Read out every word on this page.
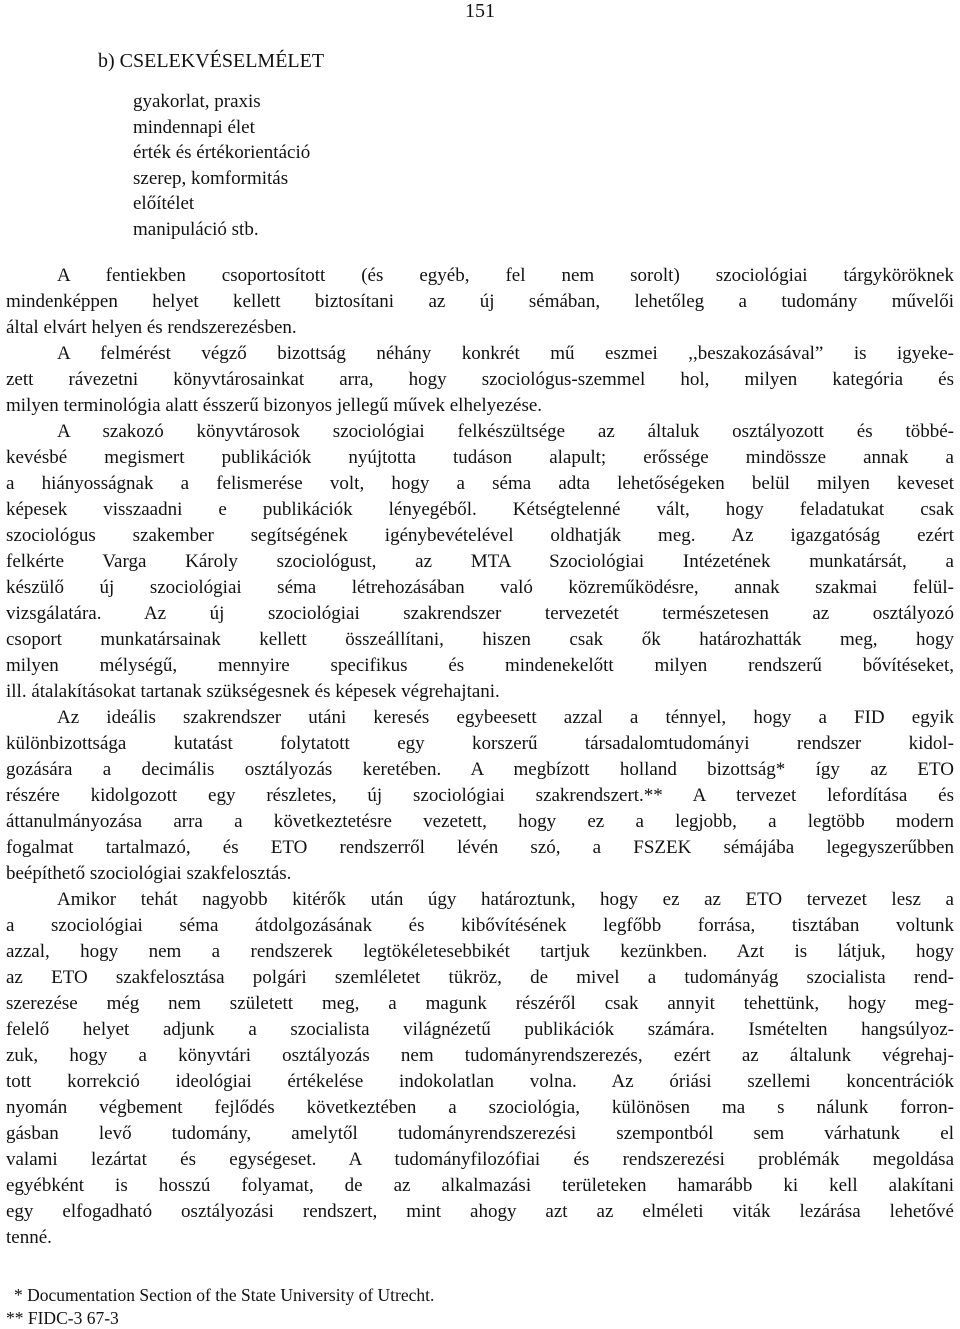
151
b) CSELEKVÉSELMÉLET
gyakorlat, praxis
mindennapi élet
érték és értékorientáció
szerep, komformitás
előítélet
manipuláció stb.
A fentiekben csoportosított (és egyéb, fel nem sorolt) szociológiai tárgyköröknek
mindenképpen helyet kellett biztosítani az új sémában, lehetőleg a tudomány művelői
által elvárt helyen és rendszerezésben.
A felmérést végző bizottság néhány konkrét mű eszmei ,,beszakozásával” is igyeke-
zett rávezetni könyvtárosainkat arra, hogy szociológus-szemmel hol, milyen kategória és
milyen terminológia alatt ésszerű bizonyos jellegű művek elhelyezése.
A szakozó könyvtárosok szociológiai felkészültsége az általuk osztályozott és többé-
kevésbé megismert publikációk nyújtotta tudáson alapult; erőssége mindössze annak a
a hiányosságnak a felismerése volt, hogy a séma adta lehetőségeken belül milyen keveset
képesek visszaadni e publikációk lényegéből. Kétségtelenné vált, hogy feladatukat csak
szociológus szakember segítségének igénybevételével oldhatják meg. Az igazgatóság ezért
felkérte Varga Károly szociológust, az MTA Szociológiai Intézetének munkatársát, a
készülő új szociológiai séma létrehozásában való közreműködésre, annak szakmai felül-
vizsgálatára. Az új szociológiai szakrendszer tervezetét természetesen az osztályozó
csoport munkatársainak kellett összeállítani, hiszen csak ők határozhatták meg, hogy
milyen mélységű, mennyire specifikus és mindenekelőtt milyen rendszerű bővítéseket,
ill. átalakításokat tartanak szükségesnek és képesek végrehajtani.
Az ideális szakrendszer utáni keresés egybeesett azzal a ténnyel, hogy a FID egyik
különbizottsága kutatást folytatott egy korszerű társadalomtudományi rendszer kidol-
gozására a decimális osztályozás keretében. A megbízott holland bizottság* így az ETO
részére kidolgozott egy részletes, új szociológiai szakrendszert.** A tervezet lefordítása és
áttanulmányozása arra a következtetésre vezetett, hogy ez a legjobb, a legtöbb modern
fogalmat tartalmazó, és ETO rendszerről lévén szó, a FSZEK sémájába legegyszerűbben
beépíthető szociológiai szakfelosztás.
Amikor tehát nagyobb kitérők után úgy határoztunk, hogy ez az ETO tervezet lesz a
a szociológiai séma átdolgozásának és kibővítésének legfőbb forrása, tisztában voltunk
azzal, hogy nem a rendszerek legtökéletesebbikét tartjuk kezünkben. Azt is látjuk, hogy
az ETO szakfelosztása polgári szemléletet tükröz, de mivel a tudományág szocialista rend-
szerezése még nem született meg, a magunk részéről csak annyit tehettünk, hogy meg-
felelő helyet adjunk a szocialista világnézetű publikációk számára. Ismételten hangsúlyoz-
zuk, hogy a könyvtári osztályozás nem tudományrendszerezés, ezért az általunk végrehaj-
tott korrekció ideológiai értékelése indokolatlan volna. Az óriási szellemi koncentrációk
nyomán végbement fejlődés következtében a szociológia, különösen ma s nálunk forron-
gásban levő tudomány, amelytől tudományrendszerezési szempontból sem várhatunk el
valami lezártat és egységeset. A tudományfilozófiai és rendszerezési problémák megoldása
egyébként is hosszú folyamat, de az alkalmazási területeken hamarább ki kell alakítani
egy elfogadható osztályozási rendszert, mint ahogy azt az elméleti viták lezárása lehetővé
tenné.
* Documentation Section of the State University of Utrecht.
** FIDC-3 67-3
